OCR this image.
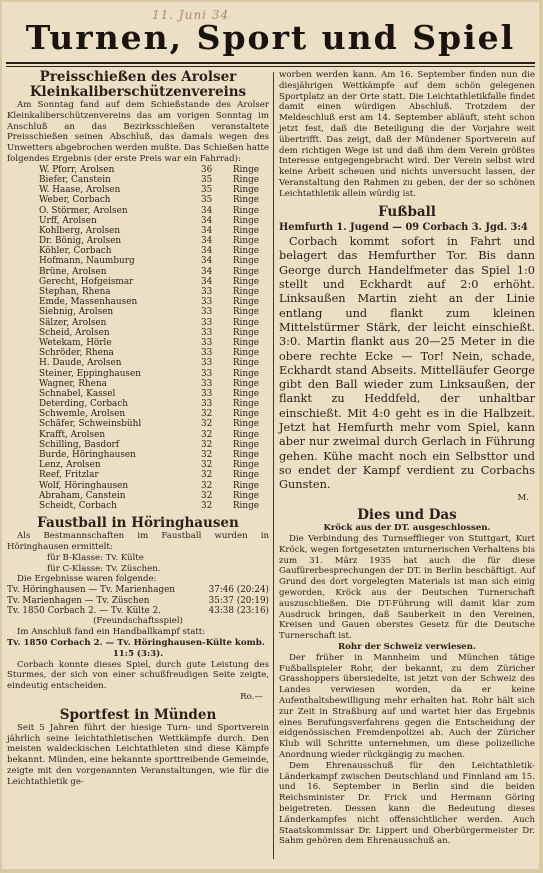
11. Juni 34
Turnen, Sport und Spiel
Preisschießen des Arolser
Kleinkaliberschützenvereins

Am Sonntag fand auf dem Schießstande des Arolser Kleinkaliberschützenvereins das am vorigen Sonntag im Anschluß an das Bezirksschießen veranstaltete Preisschießen seinen Abschluß, das damals wegen des Unwetters abgebrochen werden mußte. Das Schießen hatte folgendes Ergebnis (der erste Preis war ein Fahrrad):

W. Pforr, Arolsen	36 Ringe
Biefer, Canstein	35 Ringe
W. Haase, Arolsen	35 Ringe
Weber, Corbach	35 Ringe
O. Störmer, Arolsen	34 Ringe
Urff, Arolsen	34 Ringe
Kohlberg, Arolsen	34 Ringe
Dr. Bönig, Arolsen	34 Ringe
Köhler, Corbach	34 Ringe
Hofmann, Naumburg	34 Ringe
Brüne, Arolsen	34 Ringe
Gerecht, Hofgeismar	34 Ringe
Stephan, Rhena	33 Ringe
Emde, Massenhausen	33 Ringe
Siebnig, Arolsen	33 Ringe
Sälzer, Arolsen	33 Ringe
Scheid, Arolsen	33 Ringe
Wetekam, Hörle	33 Ringe
Schröder, Rhena	33 Ringe
H. Daude, Arolsen	33 Ringe
Steiner, Eppinghausen	33 Ringe
Wagner, Rhena	33 Ringe
Schnabel, Kassel	33 Ringe
Deterding, Corbach	33 Ringe
Schwemle, Arolsen	32 Ringe
Schäfer, Schweinsbühl	32 Ringe
Krafft, Arolsen	32 Ringe
Schilling, Basdorf	32 Ringe
Burde, Höringhausen	32 Ringe
Lenz, Arolsen	32 Ringe
Reef, Fritzlar	32 Ringe
Wolf, Höringhausen	32 Ringe
Abraham, Canstein	32 Ringe
Scheidt, Corbach	32 Ringe
Faustball in Höringhausen

Als Bestmannschaften im Faustball wurden in Höringhausen ermittelt:

für B-Klasse: Tv. Külte
für C-Klasse: Tv. Züschen.
Die Ergebnisse waren folgende:
Tv. Höringhausen — Tv. Marienhagen	37:46 (20:24)
Tv. Marienhagen — Tv. Züschen	35:37 (20:19)
Tv. 1850 Corbach 2. — Tv. Külte 2.	43:38 (23:16)
(Freundschaftsspiel)
Im Anschluß fand ein Handballkampf statt:
Tv. 1850 Corbach 2. — Tv. Höringhausen-Külte komb.
11:5 (3:3).

Corbach konnte dieses Spiel, durch gute Leistung des Sturmes, der sich von einer schußfreudigen Seite zeigte, eindeutig entscheiden.

Ro.—
Sportfest in Münden

Seit 5 Jahren führt der hiesige Turn- und Sportverein jährlich seine leichtathletischen Wettkämpfe durch. Den meisten waldeckischen Leichtathleten sind diese Kämpfe bekannt. Münden, eine bekannte sporttreibende Gemeinde, zeigte mit den vorgenannten Veranstaltungen, wie für die Leichtathletik ge-

worben werden kann. Am 16. September finden nun die diesjährigen Wettkämpfe auf dem schön gelegenen Sportplatz an der Orte statt. Die Leichtathletikfalle findet damit einen würdigen Abschluß. Trotzdem der Meldeschluß erst am 14. September abläuft, steht schon jetzt fest, daß die Beteiligung die der Vorjahre weit übertrifft. Das zeigt, daß der Mündener Sportverein auf dem richtigen Wege ist und daß ihm dem Verein größtes Interesse entgegengebracht wird. Der Verein selbst wird keine Arbeit scheuen und nichts unversucht lassen, der Veranstaltung den Rahmen zu geben, der der so schönen Leichtathletik allein würdig ist.

Fußball
Hemfurth 1. Jugend — 09 Corbach 3. Jgd. 3:4

Corbach kommt sofort in Fahrt und belagert das Hemfurther Tor. Bis dann George durch Handelfmeter das Spiel 1:0 stellt und Eckhardt auf 2:0 erhöht. Linksaußen Martin zieht an der Linie entlang und flankt zum kleinen Mittelstürmer Stärk, der leicht einschießt. 3:0. Martin flankt aus 20—25 Meter in die obere rechte Ecke — Tor! Nein, schade, Eckhardt stand Abseits. Mittelläufer George gibt den Ball wieder zum Linksaußen, der flankt zu Heddfeld, der unhaltbar einschießt. Mit 4:0 geht es in die Halbzeit. Jetzt hat Hemfurth mehr vom Spiel, kann aber nur zweimal durch Gerlach in Führung gehen. Kühe macht noch ein Selbsttor und so endet der Kampf verdient zu Corbachs Gunsten.

M.
Dies und Das
Kröck aus der DT. ausgeschlossen.

Die Verbindung des Turnsefflieger von Stuttgart, Kurt Kröck, wegen fortgesetzten unturnerischen Verhaltens bis zum 31. März 1935 hat auch die für diese Gaufürerbesprechungen der DT. in Berlin beschäftigt. Auf Grund des dort vorgelegten Materials ist man sich einig geworden, Kröck aus der Deutschen Turnerschaft auszuschließen. Die DT-Führung will damit klar zum Ausdruck bringen, daß Sauberkeit in den Vereinen, Kreisen und Gauen oberstes Gesetz für die Deutsche Turnerschaft ist.

Rohr der Schweiz verwiesen.

Der früher in Mannheim und München tätige Fußballspieler Rohr, der bekannt, zu dem Züricher Grasshoppers übersiedelte, ist jetzt von der Schweiz des Landes verwiesen worden, da er keine Aufenthaltsbewilligung mehr erhalten hat. Rohr hält sich zur Zeit in Straßburg auf und wartet hier das Ergebnis eines Berufungsverfahrens gegen die Entscheidung der eidgenössischen Fremdenpolizei ab. Auch der Züricher Klub will Schritte unternehmen, um diese polizeiliche Anordnung wieder rückgängig zu machen.

Dem Ehrenausschuß für den Leichtathletik-Länderkampf zwischen Deutschland und Finnland am 15. und 16. September in Berlin sind die beiden Reichsminister Dr. Frick und Hermann Göring beigetreten. Dessen kann die Bedeutung dieses Länderkampfes nicht offensichtlicher werden. Auch Staatskommissar Dr. Lippert und Oberbürgermeister Dr. Sahm gehören dem Ehrenausschuß an.
